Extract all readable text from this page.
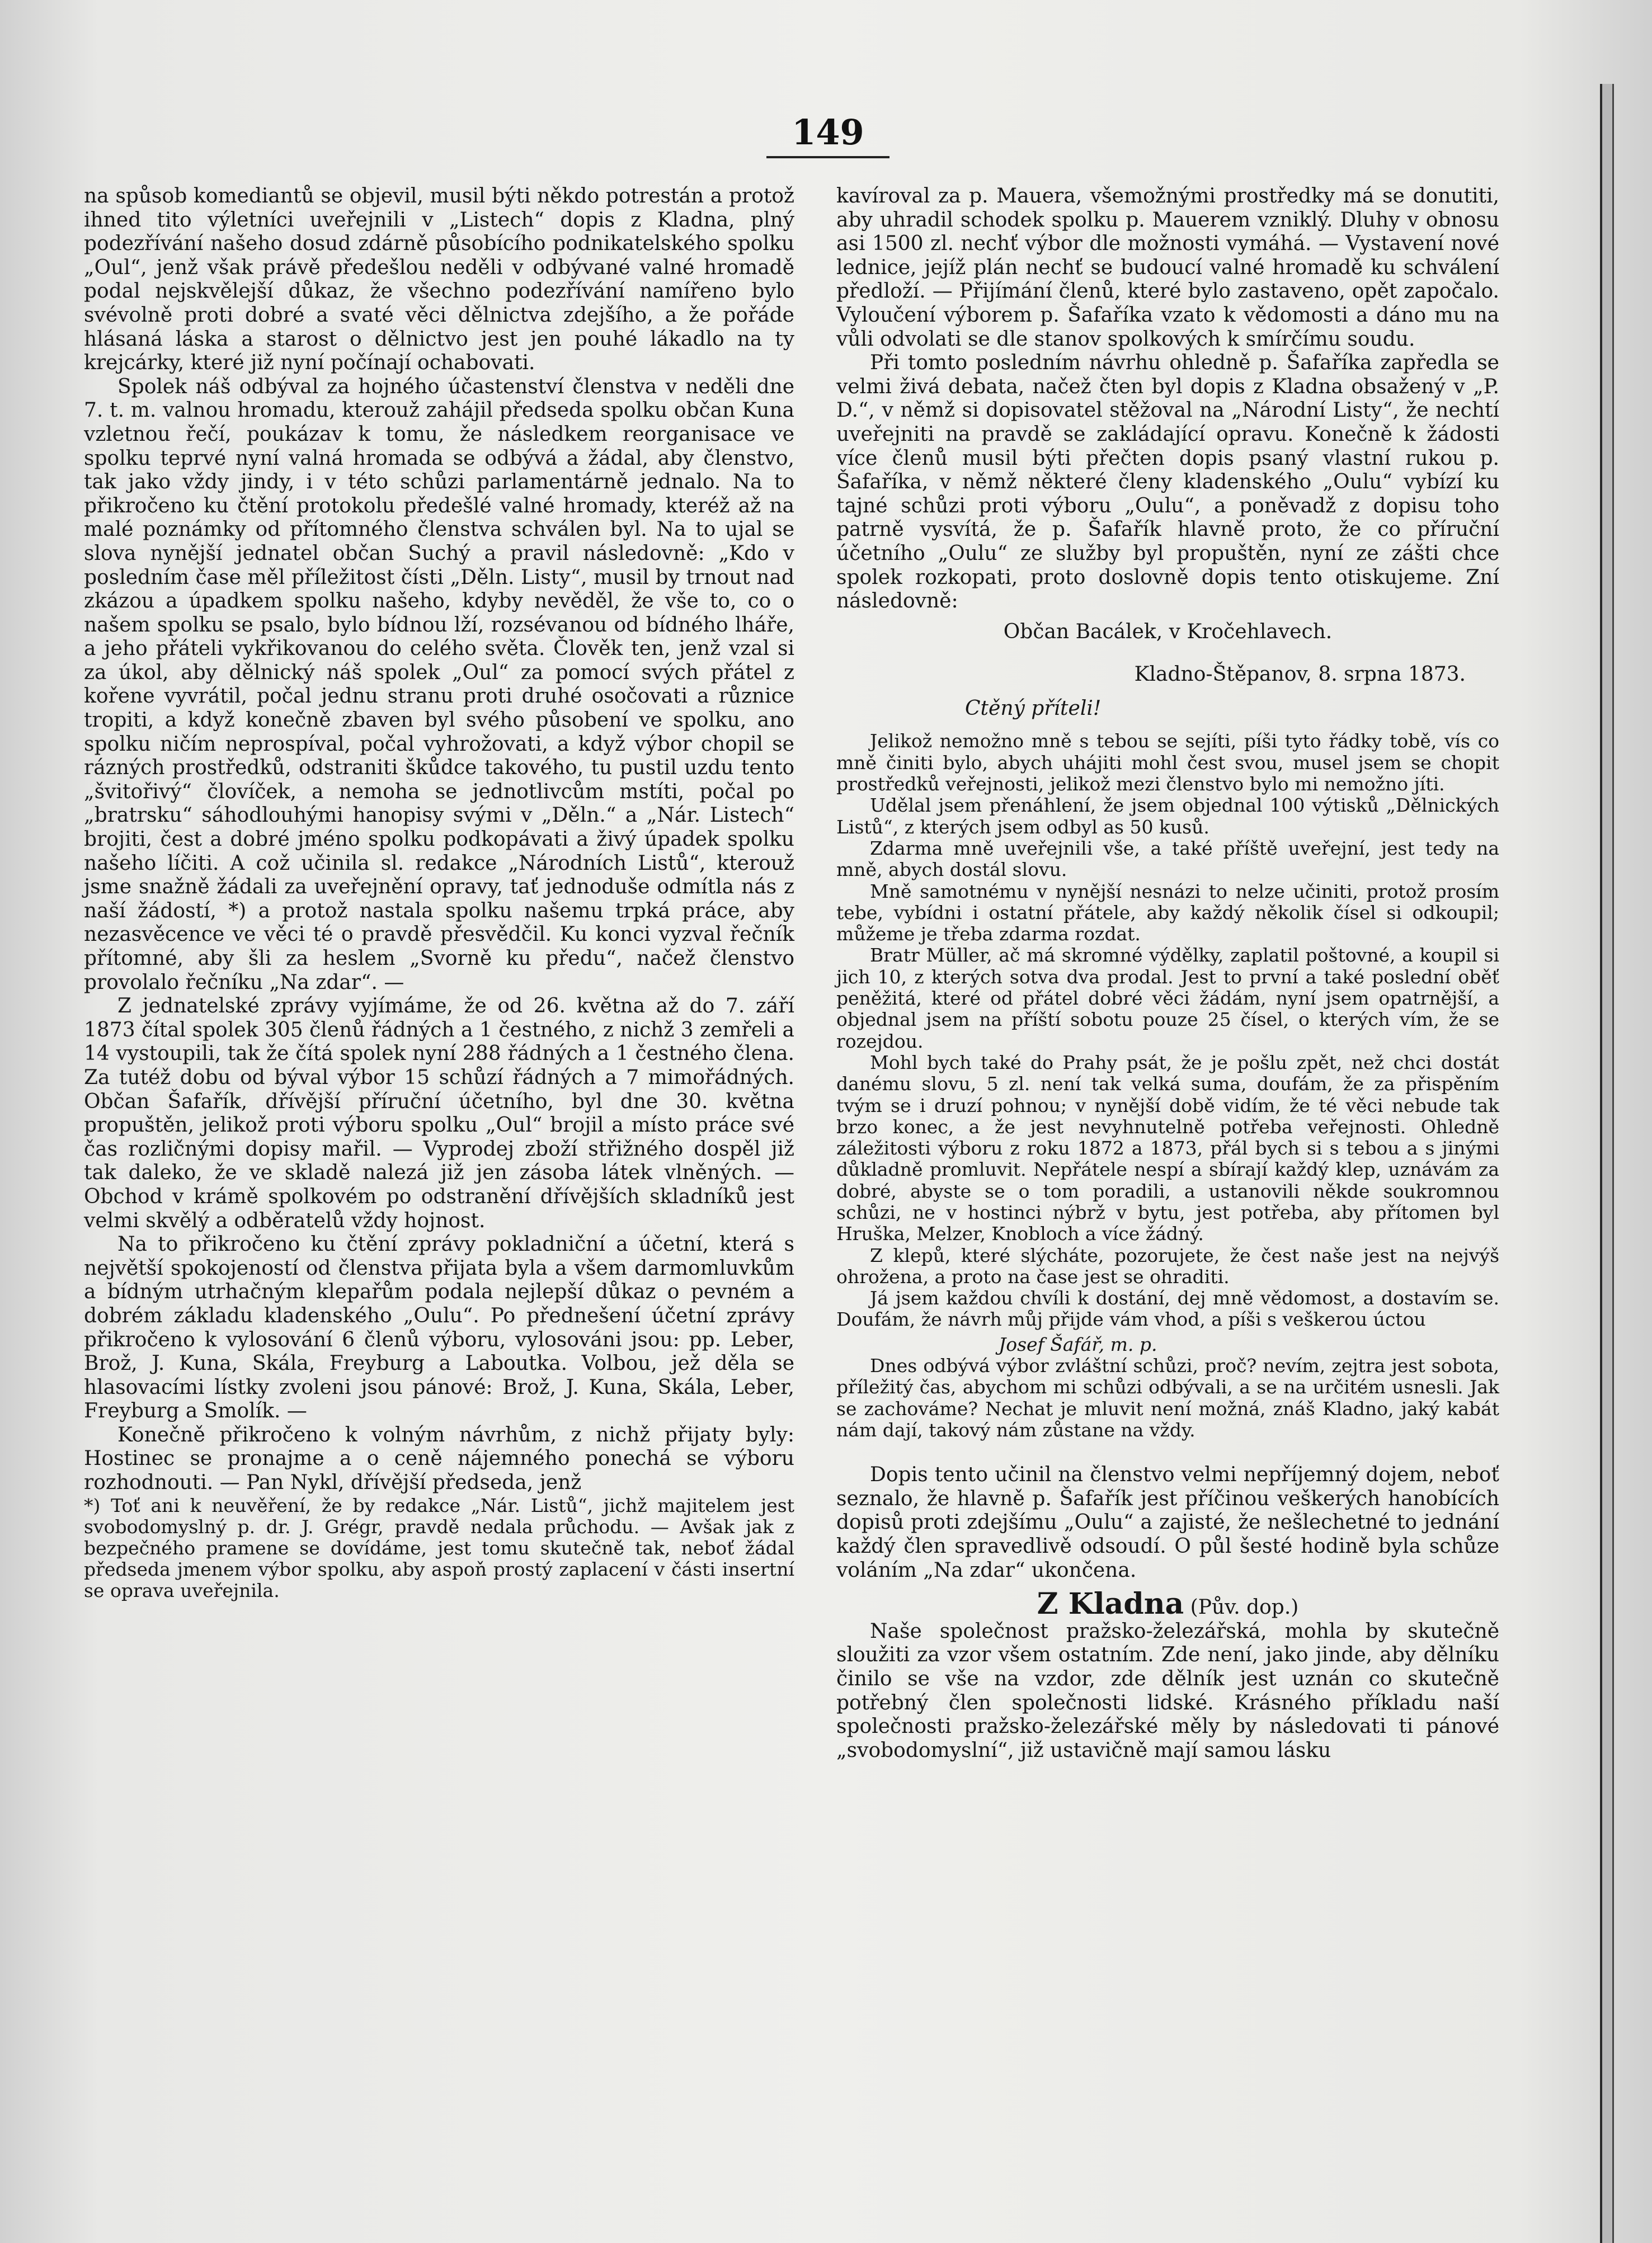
149

na spůsob komediantů se objevil, musil býti někdo potrestán a protož ihned tito výletníci uveřejnili v „Listech“ dopis z Kladna, plný podezřívání našeho dosud zdárně působícího podnikatelského spolku „Oul“, jenž však právě předešlou neděli v odbývané valné hromadě podal nejskvělejší důkaz, že všechno podezřívání namířeno bylo svévolně proti dobré a svaté věci dělnictva zdejšího, a že pořáde hlásaná láska a starost o dělnictvo jest jen pouhé lákadlo na ty krejcárky, které již nyní počínají ochabovati.

Spolek náš odbýval za hojného účastenství členstva v neděli dne 7. t. m. valnou hromadu, kterouž zahájil předseda spolku občan Kuna vzletnou řečí, poukázav k tomu, že následkem reorganisace ve spolku teprvé nyní valná hromada se odbývá a žádal, aby členstvo, tak jako vždy jindy, i v této schůzi parlamentárně jednalo. Na to přikročeno ku čtění protokolu předešlé valné hromady, kteréž až na malé poznámky od přítomného členstva schválen byl. Na to ujal se slova nynější jednatel občan Suchý a pravil následovně: „Kdo v posledním čase měl příležitost čísti „Děln. Listy“, musil by trnout nad zkázou a úpadkem spolku našeho, kdyby nevěděl, že vše to, co o našem spolku se psalo, bylo bídnou lží, rozsévanou od bídného lháře, a jeho přáteli vykřikovanou do celého světa. Člověk ten, jenž vzal si za úkol, aby dělnický náš spolek „Oul“ za pomocí svých přátel z kořene vyvrátil, počal jednu stranu proti druhé osočovati a různice tropiti, a když konečně zbaven byl svého působení ve spolku, ano spolku ničím neprospíval, počal vyhrožovati, a když výbor chopil se rázných prostředků, odstraniti škůdce takového, tu pustil uzdu tento „švitořivý“ človíček, a nemoha se jednotlivcům mstíti, počal po „bratrsku“ sáhodlouhými hanopisy svými v „Děln.“ a „Nár. Listech“ brojiti, čest a dobré jméno spolku podkopávati a živý úpadek spolku našeho líčiti. A což učinila sl. redakce „Národních Listů“, kterouž jsme snažně žádali za uveřejnění opravy, tať jednoduše odmítla nás z naší žádostí, *) a protož nastala spolku našemu trpká práce, aby nezasvěcence ve věci té o pravdě přesvědčil. Ku konci vyzval řečník přítomné, aby šli za heslem „Svorně ku předu“, načež členstvo provolalo řečníku „Na zdar“. —

Z jednatelské zprávy vyjímáme, že od 26. května až do 7. září 1873 čítal spolek 305 členů řádných a 1 čestného, z nichž 3 zemřeli a 14 vystoupili, tak že čítá spolek nyní 288 řádných a 1 čestného člena. Za tutéž dobu od býval výbor 15 schůzí řádných a 7 mimořádných. Občan Šafařík, dřívější příruční účetního, byl dne 30. května propuštěn, jelikož proti výboru spolku „Oul“ brojil a místo práce své čas rozličnými dopisy mařil. — Vyprodej zboží střižného dospěl již tak daleko, že ve skladě nalezá již jen zásoba látek vlněných. — Obchod v krámě spolkovém po odstranění dřívějších skladníků jest velmi skvělý a odběratelů vždy hojnost.

Na to přikročeno ku čtění zprávy pokladniční a účetní, která s největší spokojeností od členstva přijata byla a všem darmomluvkům a bídným utrhačným klepařům podala nejlepší důkaz o pevném a dobrém základu kladenského „Oulu“. Po přednešení účetní zprávy přikročeno k vylosování 6 členů výboru, vylosováni jsou: pp. Leber, Brož, J. Kuna, Skála, Freyburg a Laboutka. Volbou, jež děla se hlasovacími lístky zvoleni jsou pánové: Brož, J. Kuna, Skála, Leber, Freyburg a Smolík. —

Konečně přikročeno k volným návrhům, z nichž přijaty byly: Hostinec se pronajme a o ceně nájemného ponechá se výboru rozhodnouti. — Pan Nykl, dřívější předseda, jenž

*) Toť ani k neuvěření, že by redakce „Nár. Listů“, jichž majitelem jest svobodomyslný p. dr. J. Grégr, pravdě nedala průchodu. — Avšak jak z bezpečného pramene se dovídáme, jest tomu skutečně tak, neboť žádal předseda jmenem výbor spolku, aby aspoň prostý zaplacení v části insertní se oprava uveřejnila.

kavíroval za p. Mauera, všemožnými prostředky má se donutiti, aby uhradil schodek spolku p. Mauerem vzniklý. Dluhy v obnosu asi 1500 zl. nechť výbor dle možnosti vymáhá. — Vystavení nové lednice, jejíž plán nechť se budoucí valné hromadě ku schválení předloží. — Přijímání členů, které bylo zastaveno, opět započalo. Vyloučení výborem p. Šafaříka vzato k vědomosti a dáno mu na vůli odvolati se dle stanov spolkových k smírčímu soudu.

Při tomto posledním návrhu ohledně p. Šafaříka zapředla se velmi živá debata, načež čten byl dopis z Kladna obsažený v „P. D.“, v němž si dopisovatel stěžoval na „Národní Listy“, že nechtí uveřejniti na pravdě se zakládající opravu. Konečně k žádosti více členů musil býti přečten dopis psaný vlastní rukou p. Šafaříka, v němž některé členy kladenského „Oulu“ vybízí ku tajné schůzi proti výboru „Oulu“, a poněvadž z dopisu toho patrně vysvítá, že p. Šafařík hlavně proto, že co příruční účetního „Oulu“ ze služby byl propuštěn, nyní ze zášti chce spolek rozkopati, proto doslovně dopis tento otiskujeme. Zní následovně:

Občan Bacálek, v Kročehlavech.

Kladno-Štěpanov, 8. srpna 1873.

Ctěný příteli!

Jelikož nemožno mně s tebou se sejíti, píši tyto řádky tobě, vís co mně činiti bylo, abych uhájiti mohl čest svou, musel jsem se chopit prostředků veřejnosti, jelikož mezi členstvo bylo mi nemožno jíti.

Udělal jsem přenáhlení, že jsem objednal 100 výtisků „Dělnických Listů“, z kterých jsem odbyl as 50 kusů.

Zdarma mně uveřejnili vše, a také příště uveřejní, jest tedy na mně, abych dostál slovu.

Mně samotnému v nynější nesnázi to nelze učiniti, protož prosím tebe, vybídni i ostatní přátele, aby každý několik čísel si odkoupil; můžeme je třeba zdarma rozdat.

Bratr Müller, ač má skromné výdělky, zaplatil poštovné, a koupil si jich 10, z kterých sotva dva prodal. Jest to první a také poslední oběť peněžitá, které od přátel dobré věci žádám, nyní jsem opatrnější, a objednal jsem na příští sobotu pouze 25 čísel, o kterých vím, že se rozejdou.

Mohl bych také do Prahy psát, že je pošlu zpět, než chci dostát danému slovu, 5 zl. není tak velká suma, doufám, že za přispěním tvým se i druzí pohnou; v nynější době vidím, že té věci nebude tak brzo konec, a že jest nevyhnutelně potřeba veřejnosti. Ohledně záležitosti výboru z roku 1872 a 1873, přál bych si s tebou a s jinými důkladně promluvit. Nepřátele nespí a sbírají každý klep, uznávám za dobré, abyste se o tom poradili, a ustanovili někde soukromnou schůzi, ne v hostinci nýbrž v bytu, jest potřeba, aby přítomen byl Hruška, Melzer, Knobloch a více žádný.

Z klepů, které slýcháte, pozorujete, že čest naše jest na nejvýš ohrožena, a proto na čase jest se ohraditi.

Já jsem každou chvíli k dostání, dej mně vědomost, a dostavím se. Doufám, že návrh můj přijde vám vhod, a píši s veškerou úctou

Josef Šafář, m. p.

Dnes odbývá výbor zvláštní schůzi, proč? nevím, zejtra jest sobota, příležitý čas, abychom mi schůzi odbývali, a se na určitém usnesli. Jak se zachováme? Nechat je mluvit není možná, znáš Kladno, jaký kabát nám dají, takový nám zůstane na vždy.

Dopis tento učinil na členstvo velmi nepříjemný dojem, neboť seznalo, že hlavně p. Šafařík jest příčinou veškerých hanobících dopisů proti zdejšímu „Oulu“ a zajisté, že nešlechetné to jednání každý člen spravedlivě odsoudí. O půl šesté hodině byla schůze voláním „Na zdar“ ukončena.

Z Kladna (Pův. dop.)

Naše společnost pražsko-železářská, mohla by skutečně sloužiti za vzor všem ostatním. Zde není, jako jinde, aby dělníku činilo se vše na vzdor, zde dělník jest uznán co skutečně potřebný člen společnosti lidské. Krásného příkladu naší společnosti pražsko-železářské měly by následovati ti pánové „svobodomyslní“, již ustavičně mají samou lásku
